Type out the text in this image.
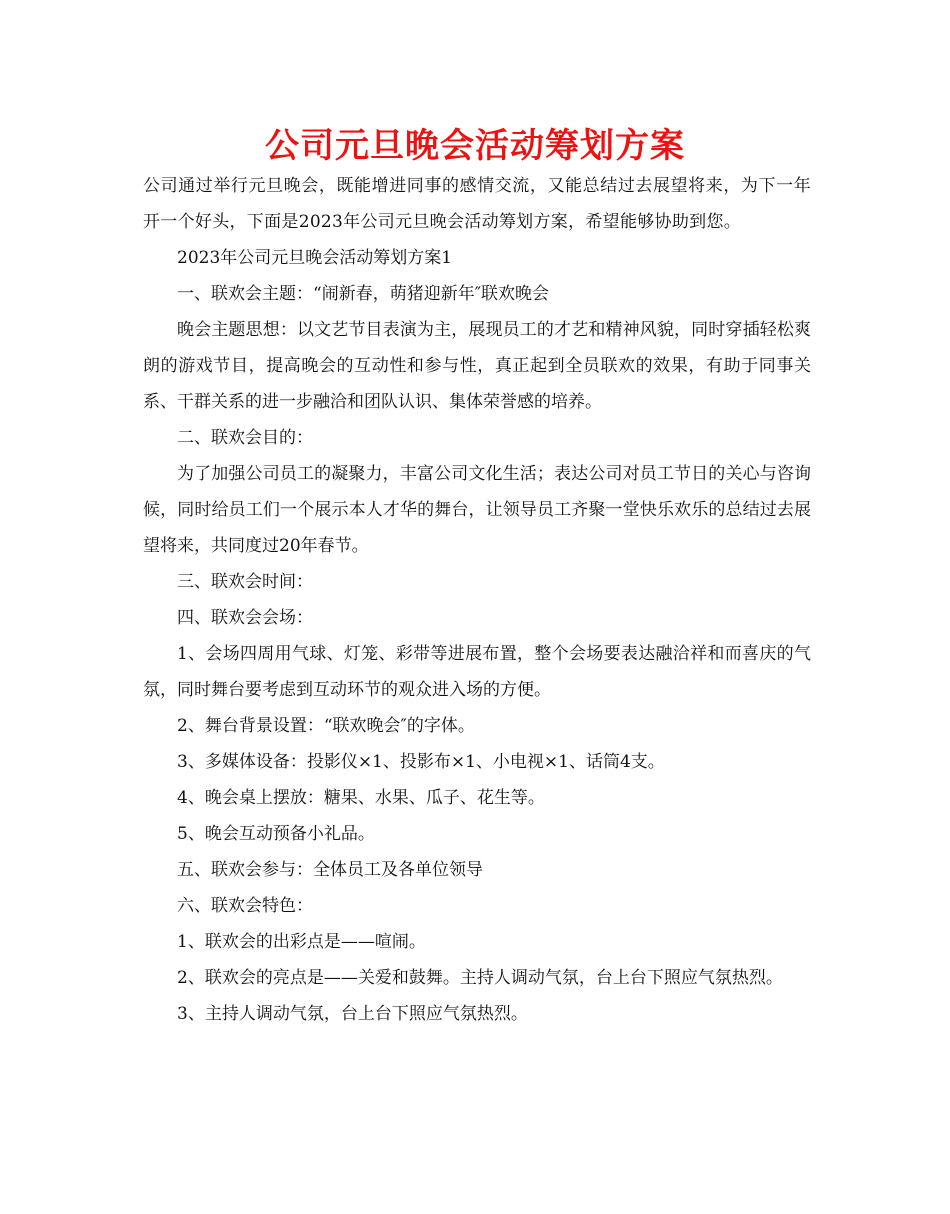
公司元旦晚会活动筹划方案

公司通过举行元旦晚会，既能增进同事的感情交流，又能总结过去展望将来，为下一年开一个好头，下面是2023年公司元旦晚会活动筹划方案，希望能够协助到您。

2023年公司元旦晚会活动筹划方案1

一、联欢会主题：“闹新春，萌猪迎新年″联欢晚会

晚会主题思想：以文艺节目表演为主，展现员工的才艺和精神风貌，同时穿插轻松爽朗的游戏节目，提高晚会的互动性和参与性，真正起到全员联欢的效果，有助于同事关系、干群关系的进一步融洽和团队认识、集体荣誉感的培养。

二、联欢会目的：

为了加强公司员工的凝聚力，丰富公司文化生活；表达公司对员工节日的关心与咨询候，同时给员工们一个展示本人才华的舞台，让领导员工齐聚一堂快乐欢乐的总结过去展望将来，共同度过20年春节。

三、联欢会时间：

四、联欢会会场：

1、会场四周用气球、灯笼、彩带等进展布置，整个会场要表达融洽祥和而喜庆的气氛，同时舞台要考虑到互动环节的观众进入场的方便。

2、舞台背景设置：“联欢晚会″的字体。

3、多媒体设备：投影仪×1、投影布×1、小电视×1、话筒4支。

4、晚会桌上摆放：糖果、水果、瓜子、花生等。

5、晚会互动预备小礼品。

五、联欢会参与：全体员工及各单位领导

六、联欢会特色：

1、联欢会的出彩点是——喧闹。

2、联欢会的亮点是——关爱和鼓舞。主持人调动气氛，台上台下照应气氛热烈。

3、主持人调动气氛，台上台下照应气氛热烈。
